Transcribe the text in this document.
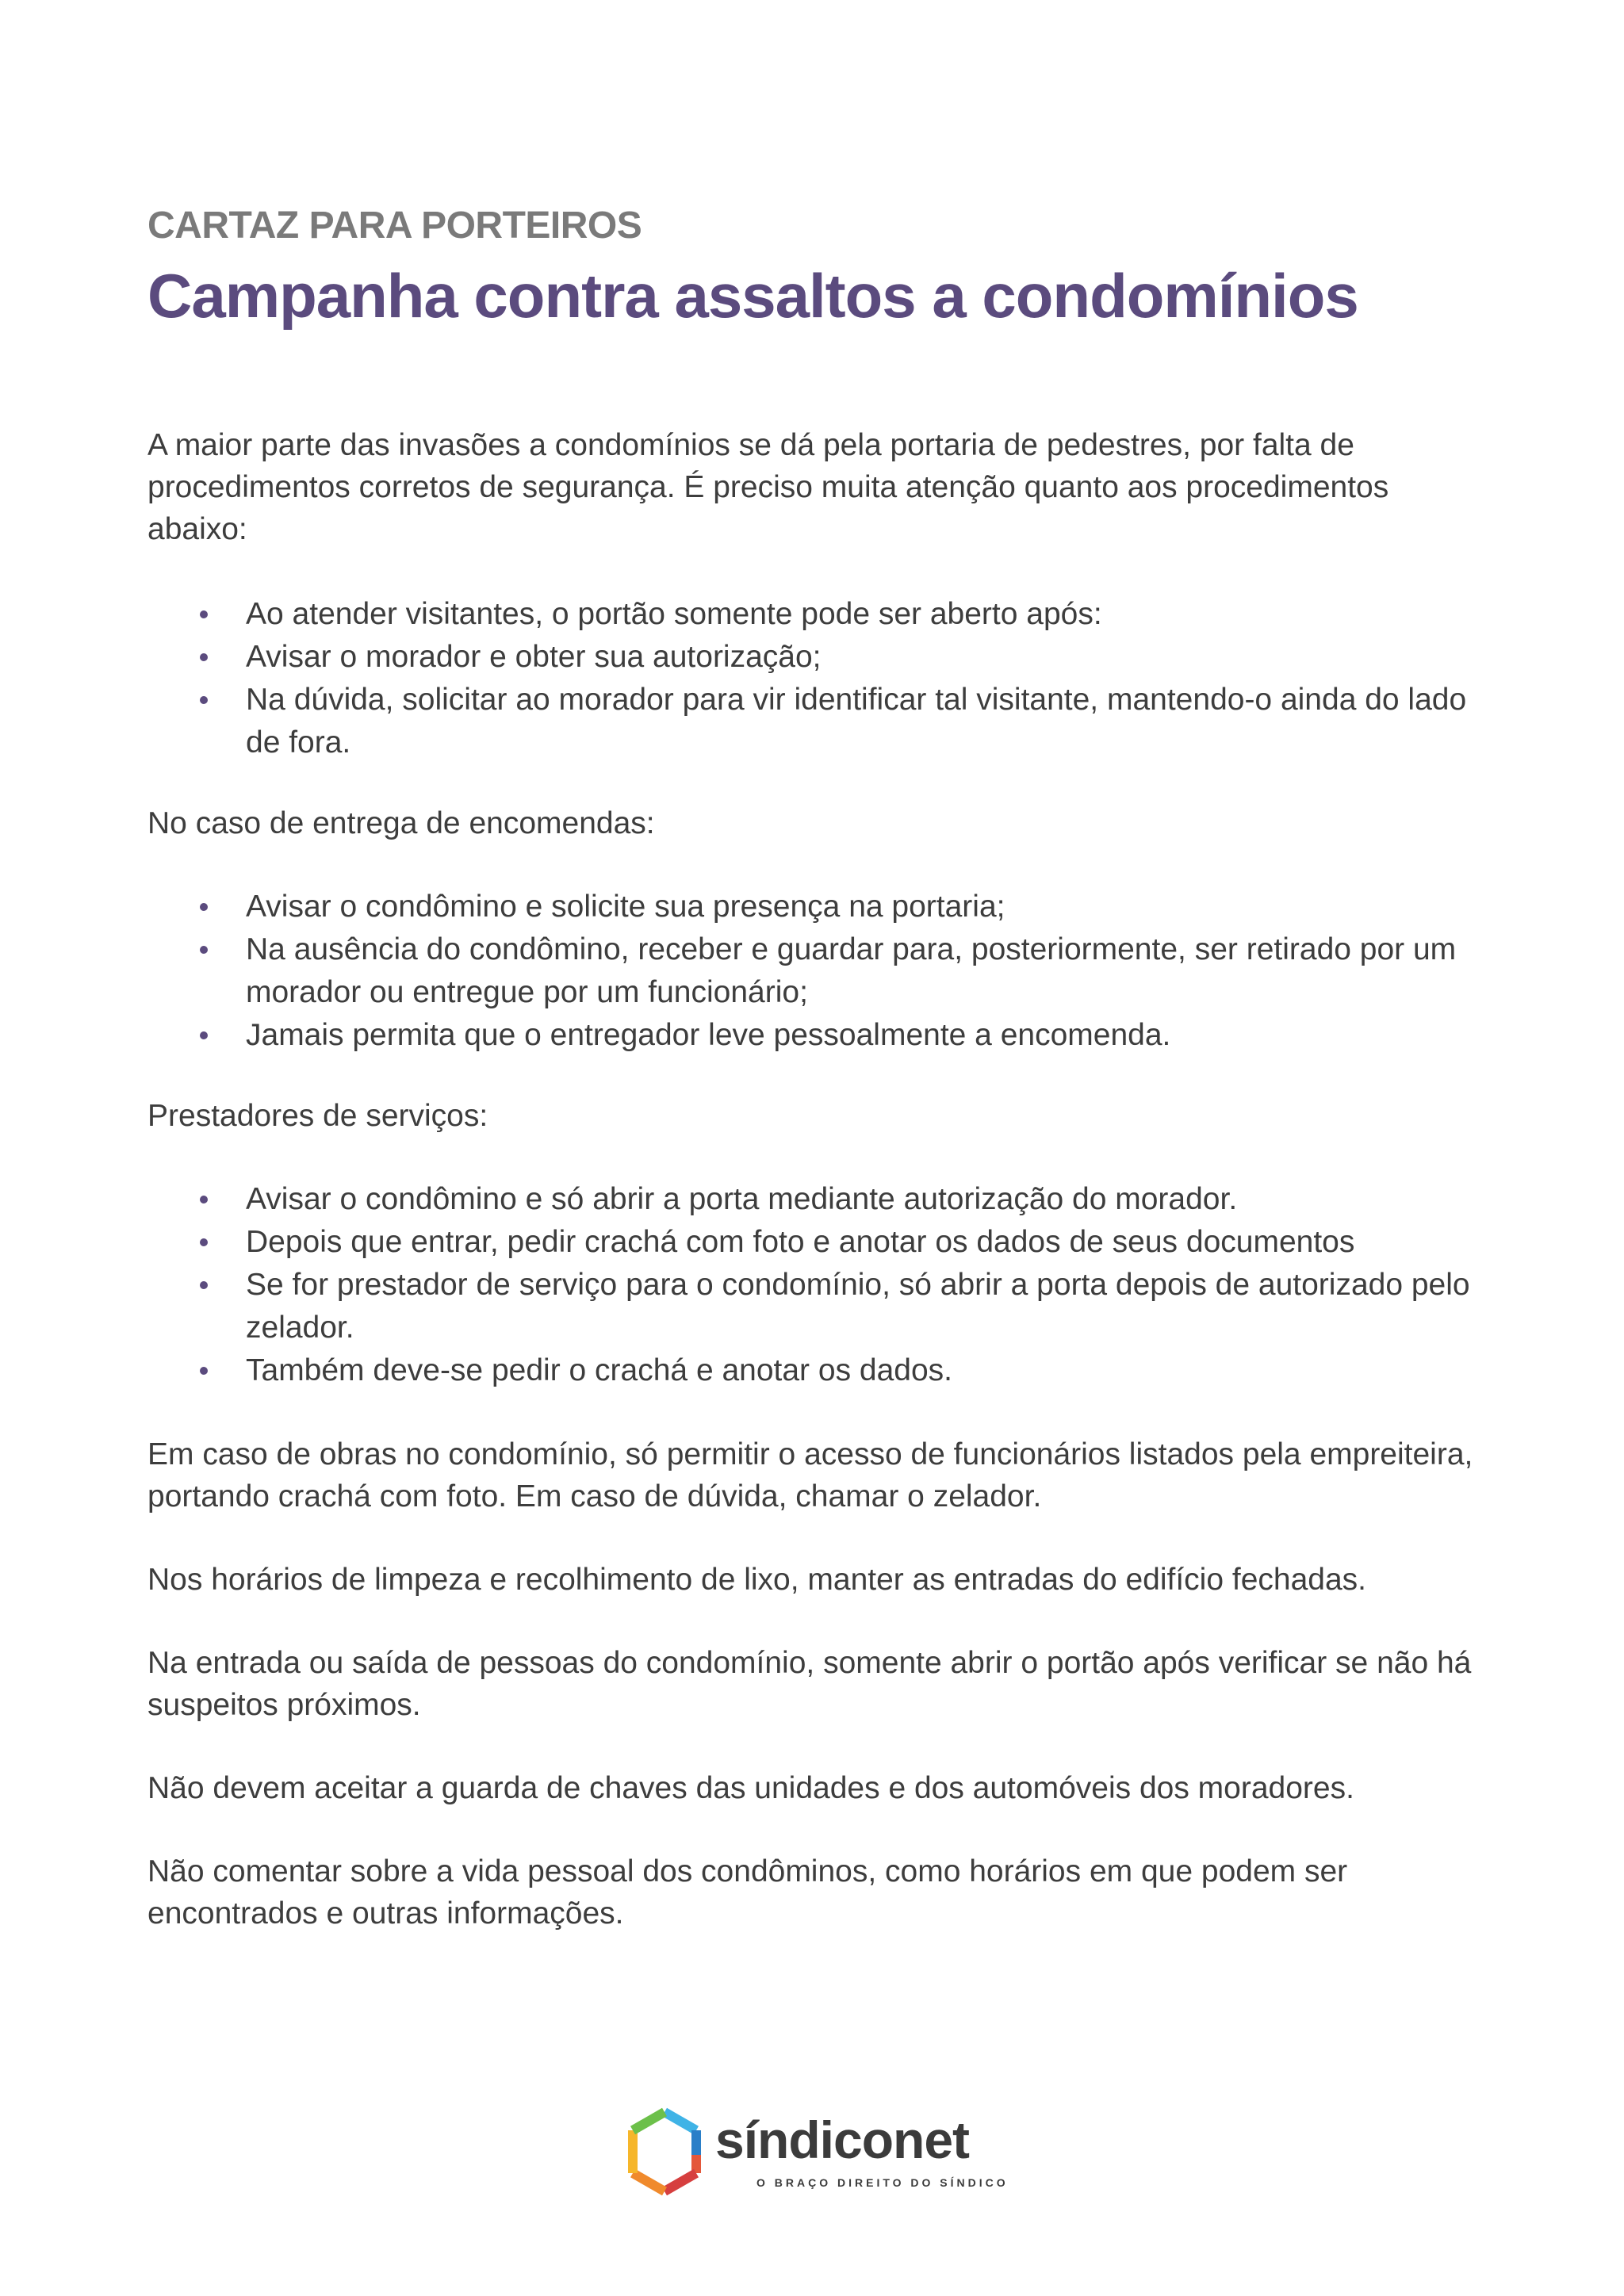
CARTAZ PARA PORTEIROS
Campanha contra assaltos a condomínios

A maior parte das invasões a condomínios se dá pela portaria de pedestres, por falta de procedimentos corretos de segurança. É preciso muita atenção quanto aos procedimentos abaixo:

Ao atender visitantes, o portão somente pode ser aberto após:
Avisar o morador e obter sua autorização;
Na dúvida, solicitar ao morador para vir identificar tal visitante, mantendo-o ainda do lado de fora.

No caso de entrega de encomendas:

Avisar o condômino e solicite sua presença na portaria;
Na ausência do condômino, receber e guardar para, posteriormente, ser retirado por um morador ou entregue por um funcionário;
Jamais permita que o entregador leve pessoalmente a encomenda.

Prestadores de serviços:

Avisar o condômino e só abrir a porta mediante autorização do morador.
Depois que entrar, pedir crachá com foto e anotar os dados de seus documentos
Se for prestador de serviço para o condomínio, só abrir a porta depois de autorizado pelo zelador.
Também deve-se pedir o crachá e anotar os dados.

Em caso de obras no condomínio, só permitir o acesso de funcionários listados pela empreiteira, portando crachá com foto. Em caso de dúvida, chamar o zelador.

Nos horários de limpeza e recolhimento de lixo, manter as entradas do edifício fechadas.

Na entrada ou saída de pessoas do condomínio, somente abrir o portão após verificar se não há suspeitos próximos.

Não devem aceitar a guarda de chaves das unidades e dos automóveis dos moradores.

Não comentar sobre a vida pessoal dos condôminos, como horários em que podem ser encontrados e outras informações.

síndiconet
O BRAÇO DIREITO DO SÍNDICO
